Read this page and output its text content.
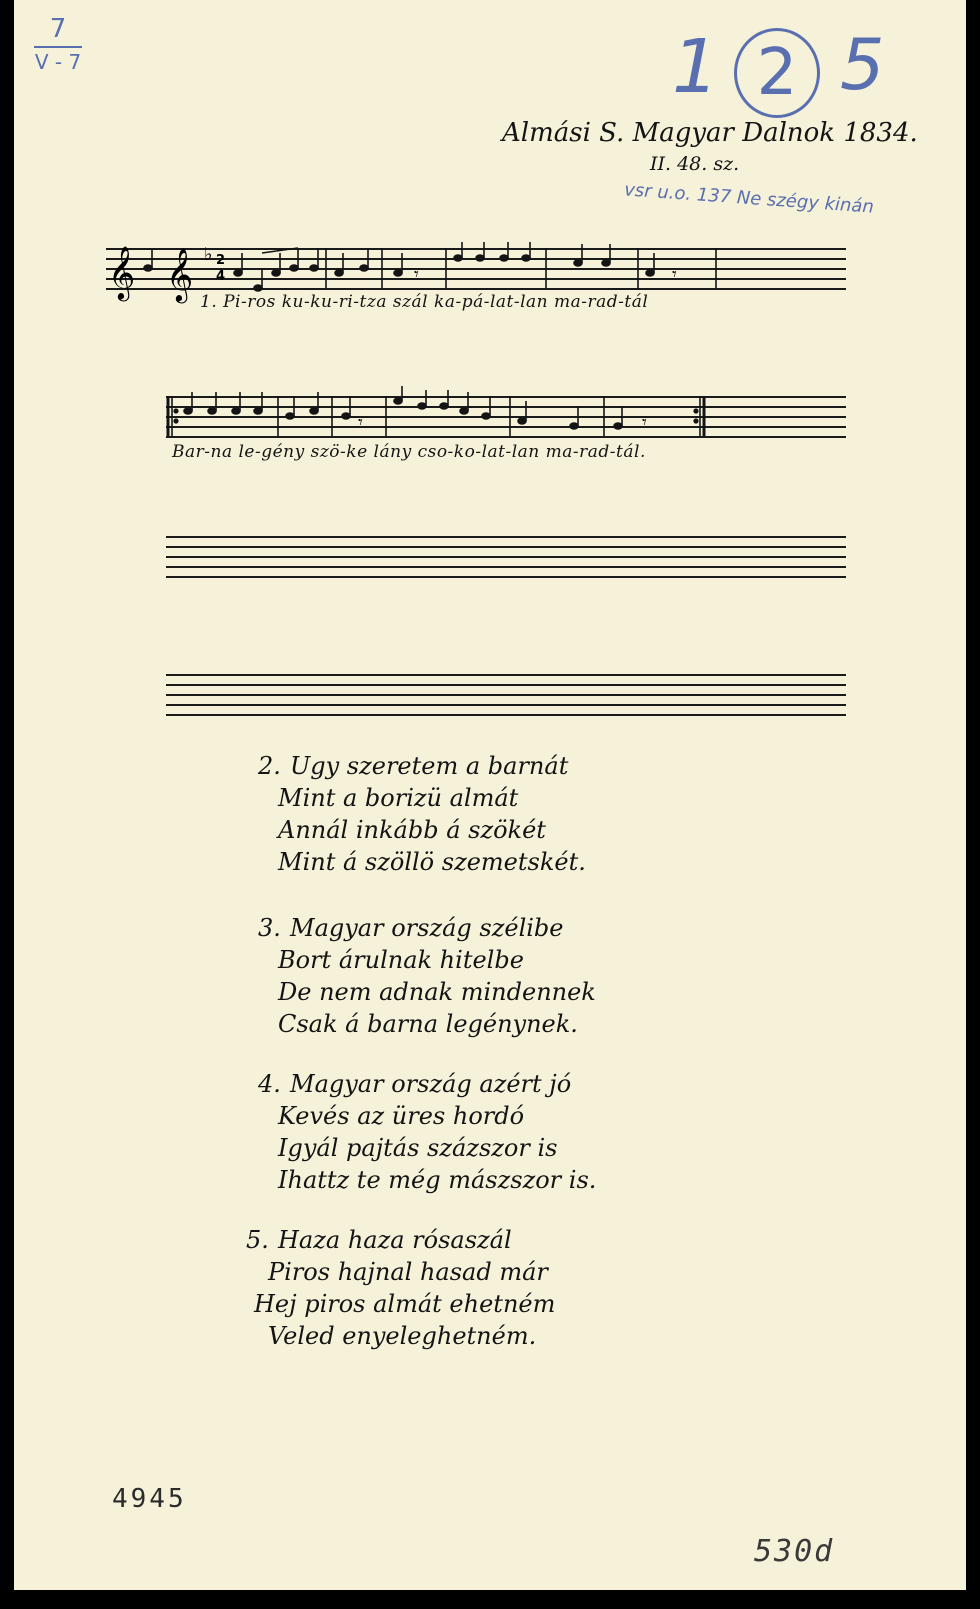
7
V - 7	1 2 5
Almási S. Magyar Dalnok 1834.
II. 48. sz.
vsr u.o. 137 Ne szégy kinán
𝄞 𝄞 ♭ 2
4	𝄾	𝄾
1. Pi-ros ku-ku-ri-tza szál ka-pá-lat-lan ma-rad-tál
𝄾	𝄾
Bar-na le-gény szö-ke lány cso-ko-lat-lan ma-rad-tál.
2. Ugy szeretem a barnát
Mint a borizü almát
Annál inkább á szökét
Mint á szöllö szemetskét.
3. Magyar ország szélibe
Bort árulnak hitelbe
De nem adnak mindennek
Csak á barna legénynek.
4. Magyar ország azért jó
Kevés az üres hordó
Igyál pajtás százszor is
Ihattz te még mászszor is.
5. Haza haza rósaszál
Piros hajnal hasad már
Hej piros almát ehetném
Veled enyeleghetném.
4945
530d
